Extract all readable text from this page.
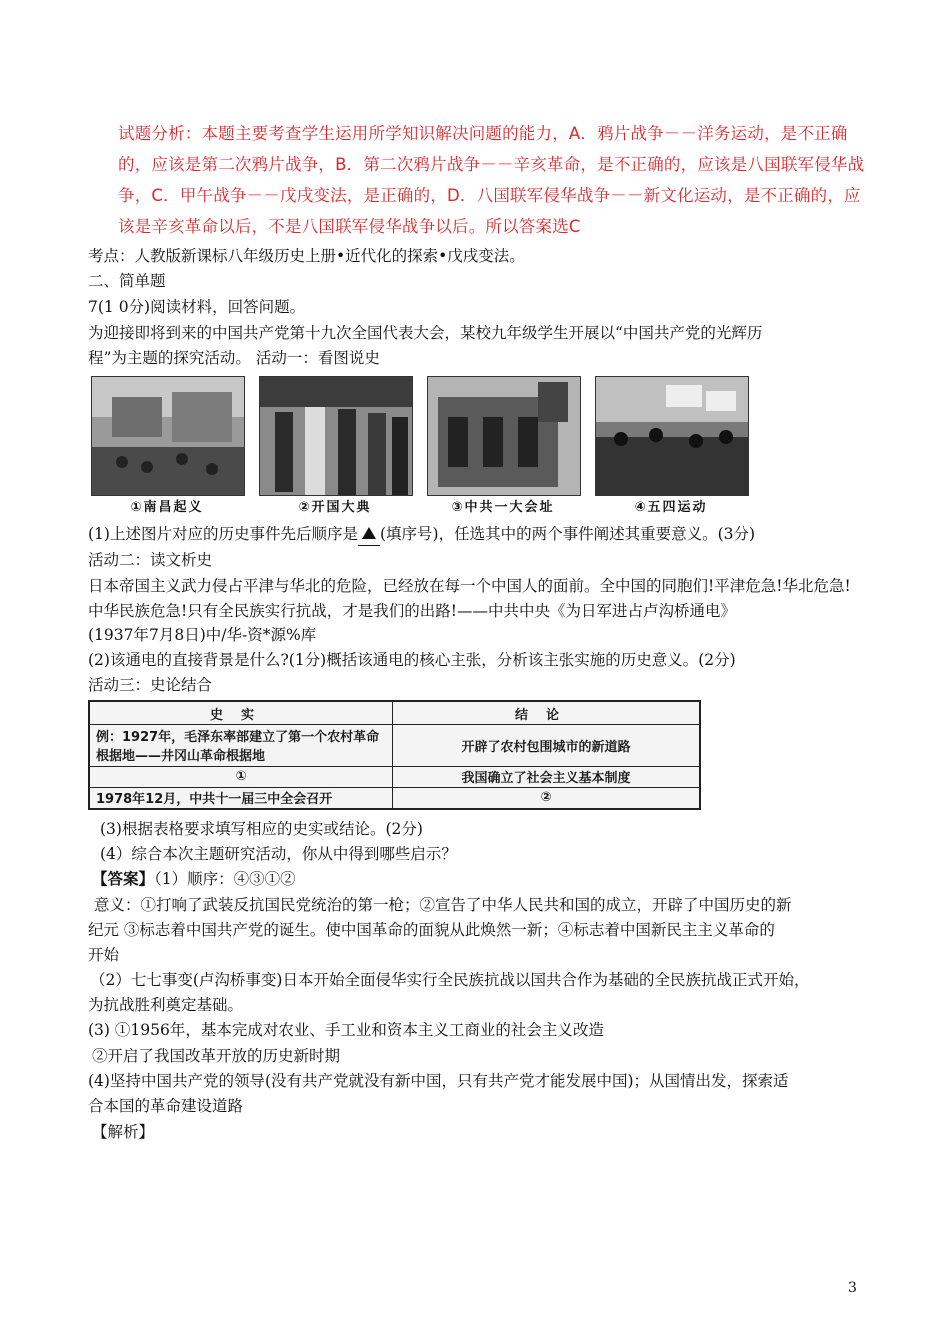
试题分析：本题主要考查学生运用所学知识解决问题的能力，A．鸦片战争－－洋务运动，是不正确的，应该是第二次鸦片战争，B．第二次鸦片战争－－辛亥革命，是不正确的，应该是八国联军侵华战争，C．甲午战争－－戊戌变法，是正确的，D．八国联军侵华战争－－新文化运动，是不正确的，应该是辛亥革命以后，不是八国联军侵华战争以后。所以答案选C
考点：人教版新课标八年级历史上册•近代化的探索•戊戌变法。
二、简单题
7(1 0分)阅读材料，回答问题。
为迎接即将到来的中国共产党第十九次全国代表大会，某校九年级学生开展以“中国共产党的光辉历
程”为主题的探究活动。 活动一：看图说史
①南昌起义	②开国大典	③中共一大会址	④五四运动
(1)上述图片对应的历史事件先后顺序是 (填序号)，任选其中的两个事件阐述其重要意义。(3分)
活动二：读文析史
日本帝国主义武力侵占平津与华北的危险，已经放在每一个中国人的面前。全中国的同胞们!平津危急!华北危急!中华民族危急!只有全民族实行抗战，才是我们的出路!——中共中央《为日军进占卢沟桥通电》
(1937年7月8日)中/华-资*源%库
(2)该通电的直接背景是什么?(1分)概括该通电的核心主张，分析该主张实施的历史意义。(2分)
活动三：史论结合
史实	结论
例：1927年，毛泽东率部建立了第一个农村革命根据地——井冈山革命根据地	开辟了农村包围城市的新道路
①	我国确立了社会主义基本制度
1978年12月，中共十一届三中全会召开	②
(3)根据表格要求填写相应的史实或结论。(2分)
(4）综合本次主题研究活动，你从中得到哪些启示？
【答案】（1）顺序：④③①②
意义：①打响了武装反抗国民党统治的第一枪；②宣告了中华人民共和国的成立，开辟了中国历史的新
纪元 ③标志着中国共产党的诞生。使中国革命的面貌从此焕然一新；④标志着中国新民主主义革命的
开始
（2）七七事变(卢沟桥事变)日本开始全面侵华实行全民族抗战以国共合作为基础的全民族抗战正式开始，
为抗战胜利奠定基础。
(3) ①1956年，基本完成对农业、手工业和资本主义工商业的社会主义改造
②开启了我国改革开放的历史新时期
(4)坚持中国共产党的领导(没有共产党就没有新中国，只有共产党才能发展中国)；从国情出发，探索适
合本国的革命建设道路
【解析】
3
